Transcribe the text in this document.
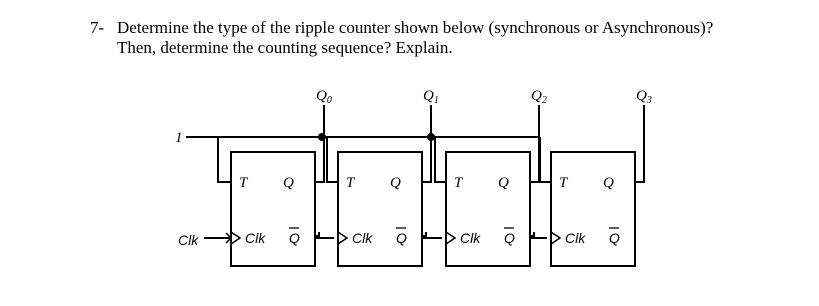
7- Determine the type of the ripple counter shown below (synchronous or Asynchronous)?
Then, determine the counting sequence? Explain.
T Q
Clk Q
$Q_0$
T Q
Clk Q
$Q_1$
T Q
Clk Q
$Q_2$
T Q
Clk Q
$Q_3$
1
Clk
